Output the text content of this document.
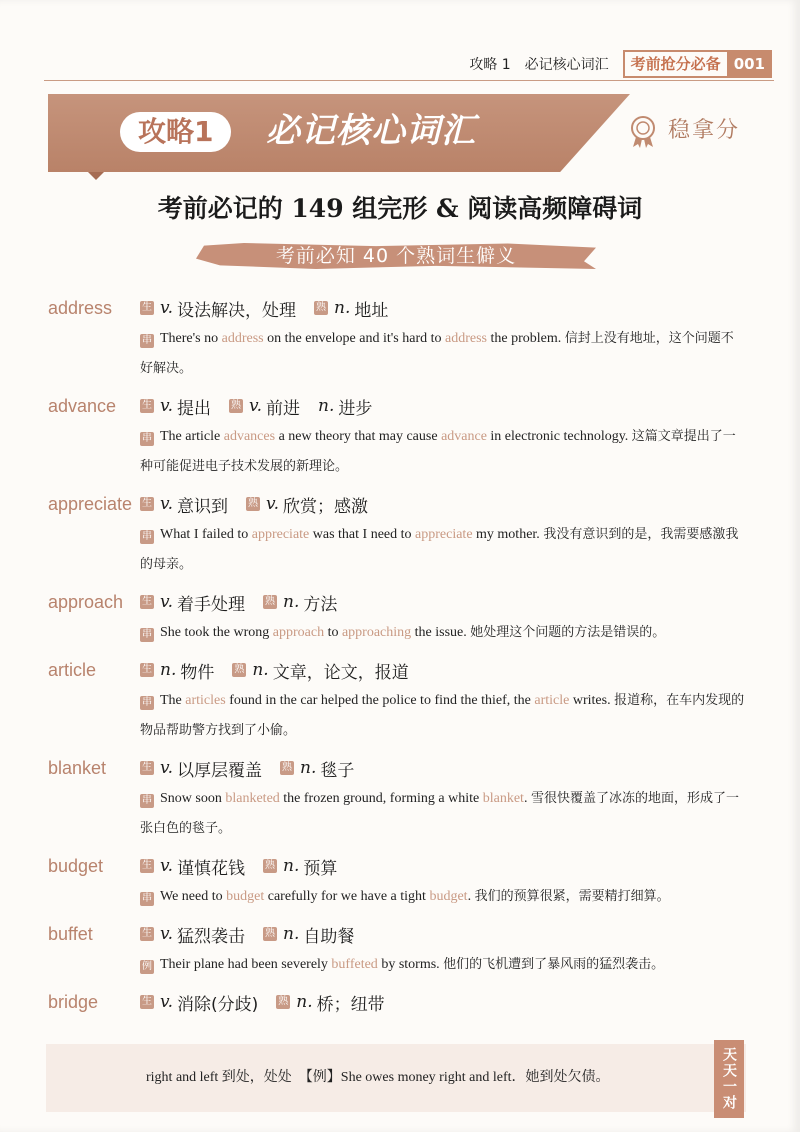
攻略 1　必记核心词汇	考前抢分必备 001
攻略1	必记核心词汇	稳拿分
考前必记的 149 组完形 & 阅读高频障碍词
考前必知 40 个熟词生僻义
address	生 v. 设法解决，处理 熟 n. 地址
串 There's no address on the envelope and it's hard to address the problem. 信封上没有地址，这个问题不好解决。
advance	生 v. 提出 熟 v. 前进 n. 进步
串 The article advances a new theory that may cause advance in electronic technology. 这篇文章提出了一种可能促进电子技术发展的新理论。
appreciate 生 v. 意识到 熟 v. 欣赏；感激
串 What I failed to appreciate was that I need to appreciate my mother. 我没有意识到的是，我需要感激我的母亲。
approach	生 v. 着手处理 熟 n. 方法
串 She took the wrong approach to approaching the issue. 她处理这个问题的方法是错误的。
article	生 n. 物件 熟 n. 文章，论文，报道
串 The articles found in the car helped the police to find the thief, the article writes. 报道称，在车内发现的物品帮助警方找到了小偷。
blanket	生 v. 以厚层覆盖 熟 n. 毯子
串 Snow soon blanketed the frozen ground, forming a white blanket. 雪很快覆盖了冰冻的地面，形成了一张白色的毯子。
budget	生 v. 谨慎花钱 熟 n. 预算
串 We need to budget carefully for we have a tight budget. 我们的预算很紧，需要精打细算。
buffet	生 v. 猛烈袭击 熟 n. 自助餐
例 Their plane had been severely buffeted by storms. 他们的飞机遭到了暴风雨的猛烈袭击。
bridge	生 v. 消除(分歧) 熟 n. 桥；纽带
right and left 到处，处处　【例】She owes money right and left．她到处欠债。	天天一对
